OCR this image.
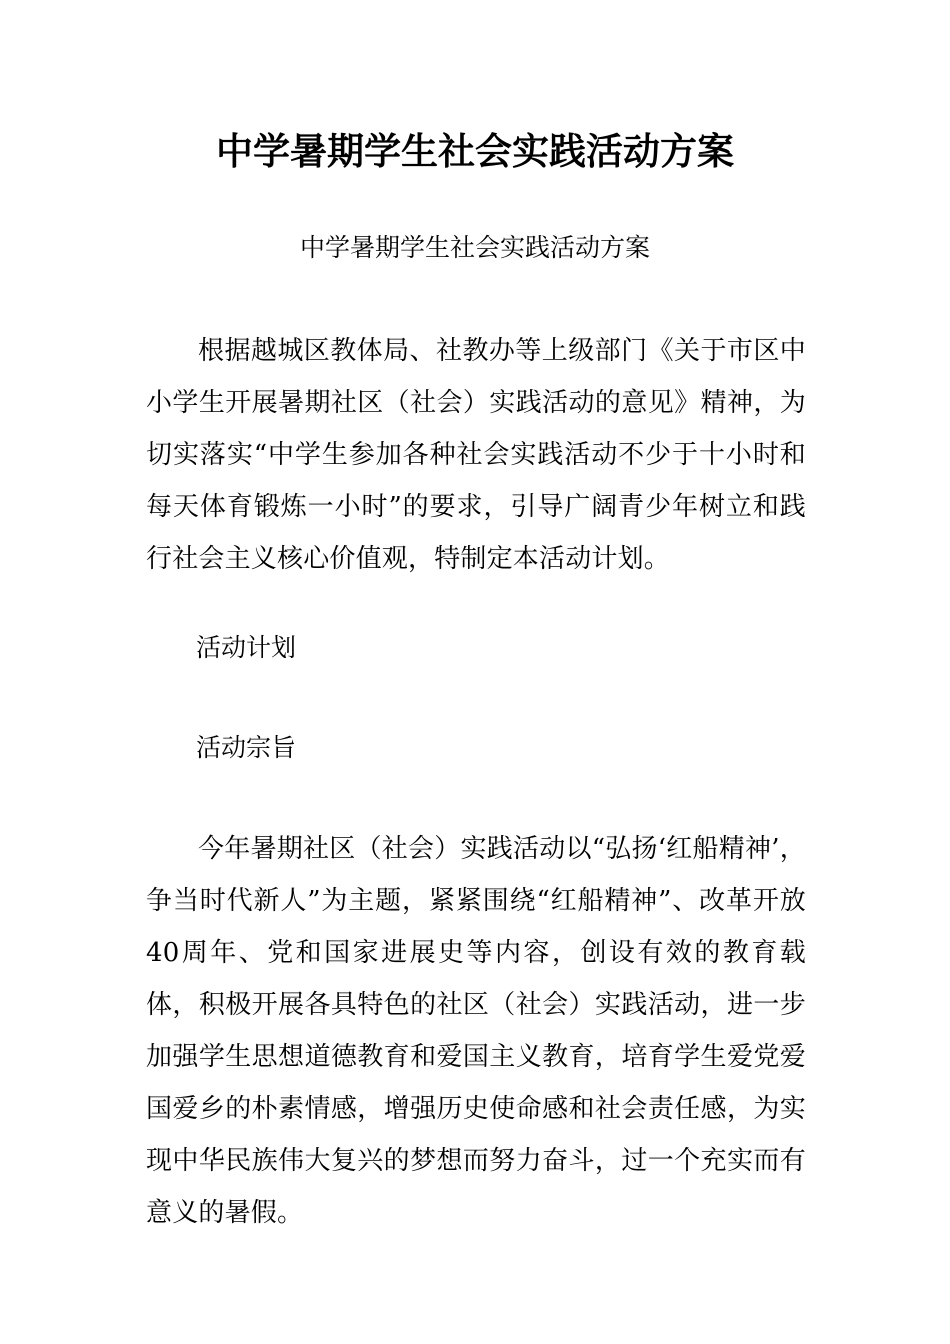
中学暑期学生社会实践活动方案

中学暑期学生社会实践活动方案

根据越城区教体局、社教办等上级部门《关于市区中小学生开展暑期社区（社会）实践活动的意见》精神，为切实落实“中学生参加各种社会实践活动不少于十小时和每天体育锻炼一小时”的要求，引导广阔青少年树立和践行社会主义核心价值观，特制定本活动计划。

活动计划

活动宗旨

今年暑期社区（社会）实践活动以“弘扬‘红船精神’，争当时代新人”为主题，紧紧围绕“红船精神”、改革开放40周年、党和国家进展史等内容，创设有效的教育载体，积极开展各具特色的社区（社会）实践活动，进一步加强学生思想道德教育和爱国主义教育，培育学生爱党爱国爱乡的朴素情感，增强历史使命感和社会责任感，为实现中华民族伟大复兴的梦想而努力奋斗，过一个充实而有意义的暑假。
